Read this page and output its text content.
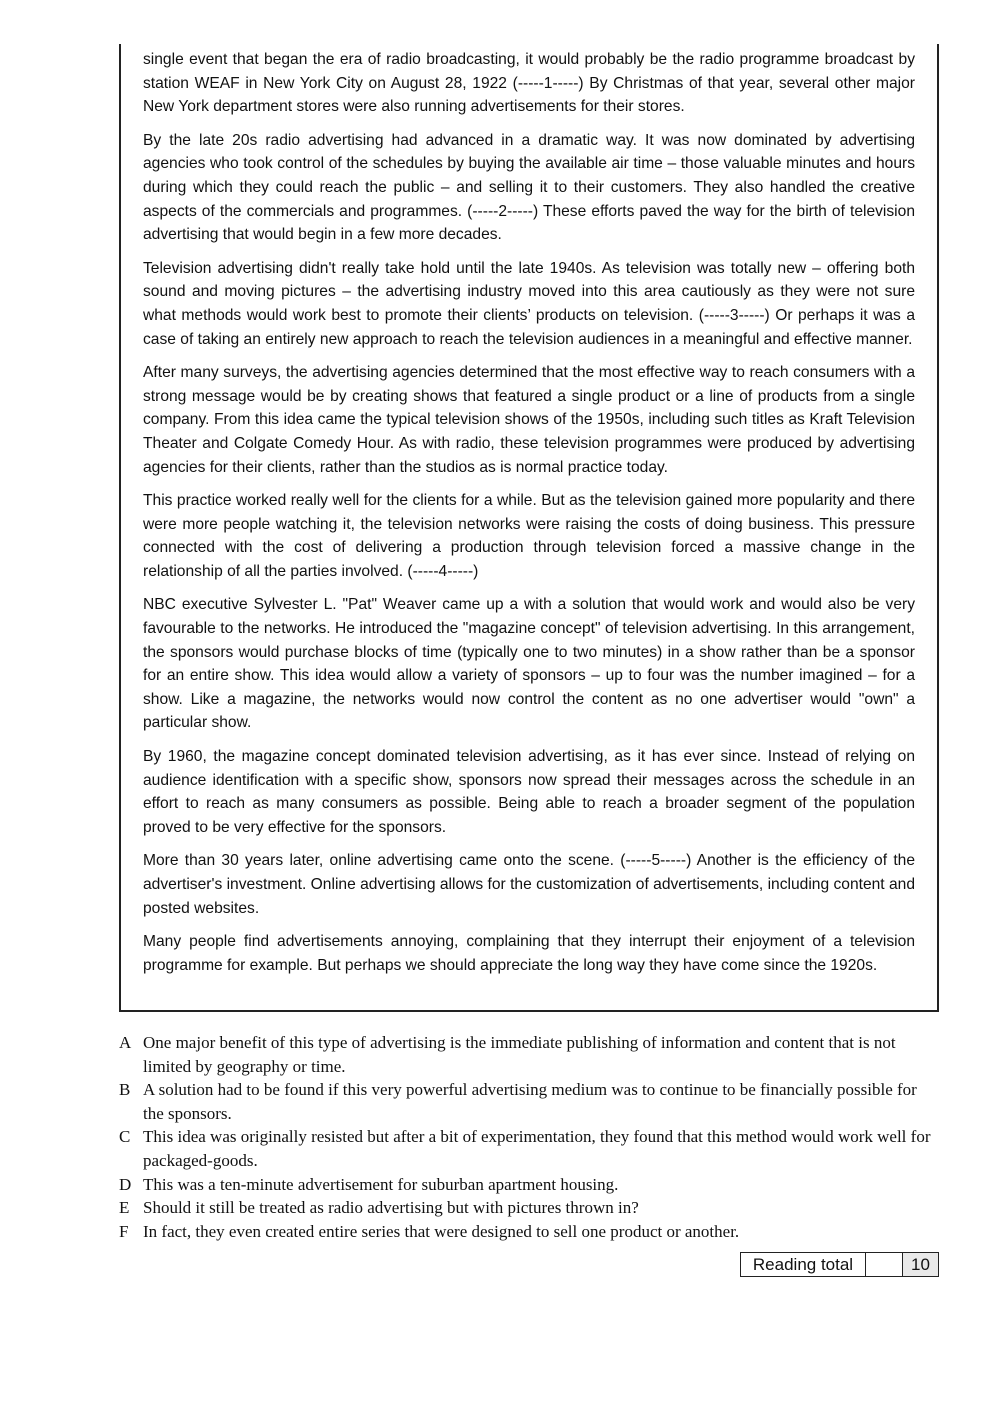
single event that began the era of radio broadcasting, it would probably be the radio programme broadcast by station WEAF in New York City on August 28, 1922 (-----1-----) By Christmas of that year, several other major New York department stores were also running advertisements for their stores.

By the late 20s radio advertising had advanced in a dramatic way. It was now dominated by advertising agencies who took control of the schedules by buying the available air time – those valuable minutes and hours during which they could reach the public – and selling it to their customers. They also handled the creative aspects of the commercials and programmes. (-----2-----) These efforts paved the way for the birth of television advertising that would begin in a few more decades.

Television advertising didn't really take hold until the late 1940s. As television was totally new – offering both sound and moving pictures – the advertising industry moved into this area cautiously as they were not sure what methods would work best to promote their clients’ products on television. (-----3-----) Or perhaps it was a case of taking an entirely new approach to reach the television audiences in a meaningful and effective manner.

After many surveys, the advertising agencies determined that the most effective way to reach consumers with a strong message would be by creating shows that featured a single product or a line of products from a single company. From this idea came the typical television shows of the 1950s, including such titles as Kraft Television Theater and Colgate Comedy Hour. As with radio, these television programmes were produced by advertising agencies for their clients, rather than the studios as is normal practice today.

This practice worked really well for the clients for a while. But as the television gained more popularity and there were more people watching it, the television networks were raising the costs of doing business. This pressure connected with the cost of delivering a production through television forced a massive change in the relationship of all the parties involved. (-----4-----)

NBC executive Sylvester L. "Pat" Weaver came up a with a solution that would work and would also be very favourable to the networks. He introduced the "magazine concept" of television advertising. In this arrangement, the sponsors would purchase blocks of time (typically one to two minutes) in a show rather than be a sponsor for an entire show. This idea would allow a variety of sponsors – up to four was the number imagined – for a show. Like a magazine, the networks would now control the content as no one advertiser would "own" a particular show.

By 1960, the magazine concept dominated television advertising, as it has ever since. Instead of relying on audience identification with a specific show, sponsors now spread their messages across the schedule in an effort to reach as many consumers as possible. Being able to reach a broader segment of the population proved to be very effective for the sponsors.

More than 30 years later, online advertising came onto the scene. (-----5-----) Another is the efficiency of the advertiser's investment. Online advertising allows for the customization of advertisements, including content and posted websites.

Many people find advertisements annoying, complaining that they interrupt their enjoyment of a television programme for example. But perhaps we should appreciate the long way they have come since the 1920s.

A One major benefit of this type of advertising is the immediate publishing of information and content that is not limited by geography or time.
B A solution had to be found if this very powerful advertising medium was to continue to be financially possible for the sponsors.
C This idea was originally resisted but after a bit of experimentation, they found that this method would work well for packaged-goods.
D This was a ten-minute advertisement for suburban apartment housing.
E Should it still be treated as radio advertising but with pictures thrown in?
F In fact, they even created entire series that were designed to sell one product or another.
Reading total	10
